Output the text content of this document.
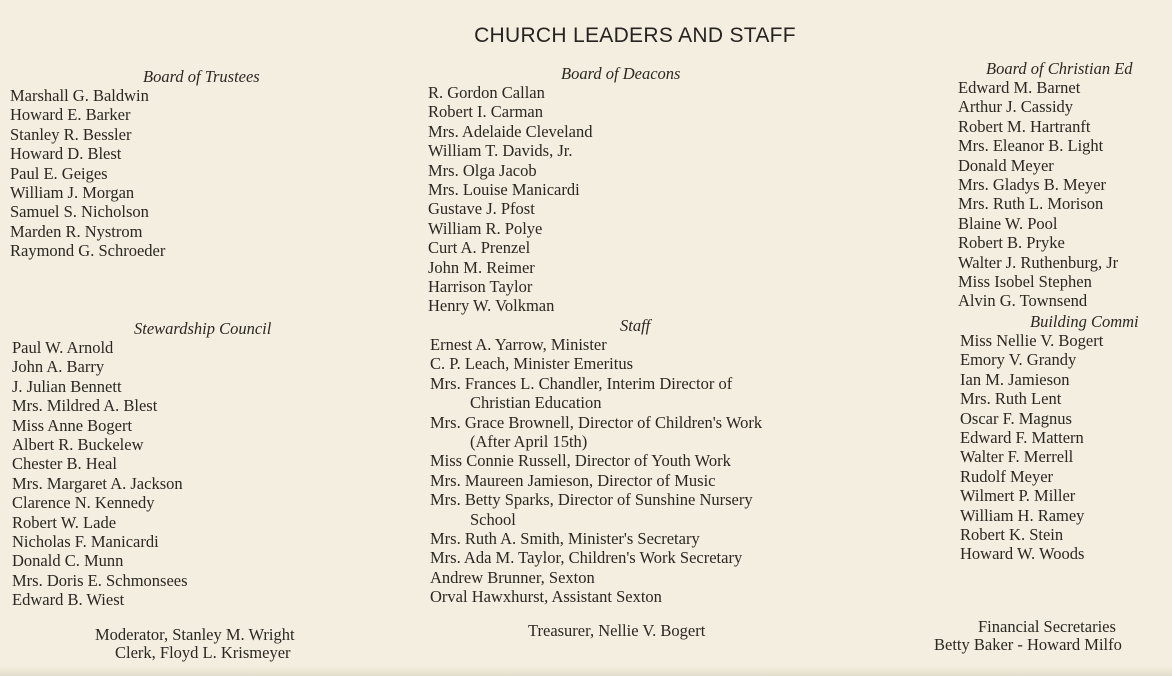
CHURCH LEADERS AND STAFF
Board of Trustees
Marshall G. Baldwin
Howard E. Barker
Stanley R. Bessler
Howard D. Blest
Paul E. Geiges
William J. Morgan
Samuel S. Nicholson
Marden R. Nystrom
Raymond G. Schroeder
Stewardship Council
Paul W. Arnold
John A. Barry
J. Julian Bennett
Mrs. Mildred A. Blest
Miss Anne Bogert
Albert R. Buckelew
Chester B. Heal
Mrs. Margaret A. Jackson
Clarence N. Kennedy
Robert W. Lade
Nicholas F. Manicardi
Donald C. Munn
Mrs. Doris E. Schmonsees
Edward B. Wiest
Board of Deacons
R. Gordon Callan
Robert I. Carman
Mrs. Adelaide Cleveland
William T. Davids, Jr.
Mrs. Olga Jacob
Mrs. Louise Manicardi
Gustave J. Pfost
William R. Polye
Curt A. Prenzel
John M. Reimer
Harrison Taylor
Henry W. Volkman
Staff
Ernest A. Yarrow, Minister
C. P. Leach, Minister Emeritus
Mrs. Frances L. Chandler, Interim Director of
Christian Education
Mrs. Grace Brownell, Director of Children's Work
(After April 15th)
Miss Connie Russell, Director of Youth Work
Mrs. Maureen Jamieson, Director of Music
Mrs. Betty Sparks, Director of Sunshine Nursery
School
Mrs. Ruth A. Smith, Minister's Secretary
Mrs. Ada M. Taylor, Children's Work Secretary
Andrew Brunner, Sexton
Orval Hawxhurst, Assistant Sexton
Board of Christian Ed
Edward M. Barnet
Arthur J. Cassidy
Robert M. Hartranft
Mrs. Eleanor B. Light
Donald Meyer
Mrs. Gladys B. Meyer
Mrs. Ruth L. Morison
Blaine W. Pool
Robert B. Pryke
Walter J. Ruthenburg, Jr
Miss Isobel Stephen
Alvin G. Townsend
Building Commi
Miss Nellie V. Bogert
Emory V. Grandy
Ian M. Jamieson
Mrs. Ruth Lent
Oscar F. Magnus
Edward F. Mattern
Walter F. Merrell
Rudolf Meyer
Wilmert P. Miller
William H. Ramey
Robert K. Stein
Howard W. Woods
Moderator, Stanley M. Wright
Clerk, Floyd L. Krismeyer
Treasurer, Nellie V. Bogert	Financial Secretaries
Betty Baker - Howard Milfo
